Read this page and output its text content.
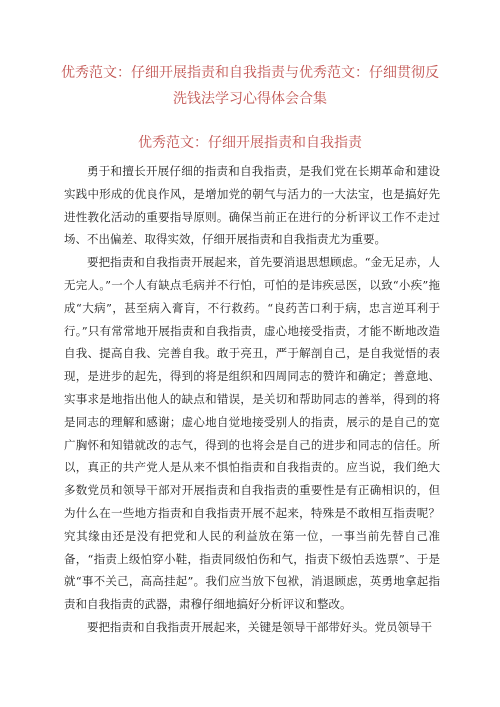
优秀范文：仔细开展指责和自我指责与优秀范文：仔细贯彻反洗钱法学习心得体会合集
优秀范文：仔细开展指责和自我指责

勇于和擅长开展仔细的指责和自我指责，是我们党在长期革命和建设实践中形成的优良作风，是增加党的朝气与活力的一大法宝，也是搞好先进性教化活动的重要指导原则。确保当前正在进行的分析评议工作不走过场、不出偏差、取得实效，仔细开展指责和自我指责尤为重要。

要把指责和自我指责开展起来，首先要消退思想顾虑。“金无足赤，人无完人。”一个人有缺点毛病并不行怕，可怕的是讳疾忌医，以致“小疾”拖成“大病”，甚至病入膏肓，不行救药。“良药苦口利于病，忠言逆耳利于行。”只有常常地开展指责和自我指责，虚心地接受指责，才能不断地改造自我、提高自我、完善自我。敢于亮丑，严于解剖自己，是自我觉悟的表现，是进步的起先，得到的将是组织和四周同志的赞许和确定；善意地、实事求是地指出他人的缺点和错误，是关切和帮助同志的善举，得到的将是同志的理解和感谢；虚心地自觉地接受别人的指责，展示的是自己的宽广胸怀和知错就改的志气，得到的也将会是自己的进步和同志的信任。所以，真正的共产党人是从来不惧怕指责和自我指责的。应当说，我们绝大多数党员和领导干部对开展指责和自我指责的重要性是有正确相识的，但为什么在一些地方指责和自我指责开展不起来，特殊是不敢相互指责呢？究其缘由还是没有把党和人民的利益放在第一位，一事当前先替自己准备，“指责上级怕穿小鞋，指责同级怕伤和气，指责下级怕丢选票”、于是就“事不关己，高高挂起”。我们应当放下包袱，消退顾虑，英勇地拿起指责和自我指责的武器，肃穆仔细地搞好分析评议和整改。

要把指责和自我指责开展起来，关键是领导干部带好头。党员领导干
